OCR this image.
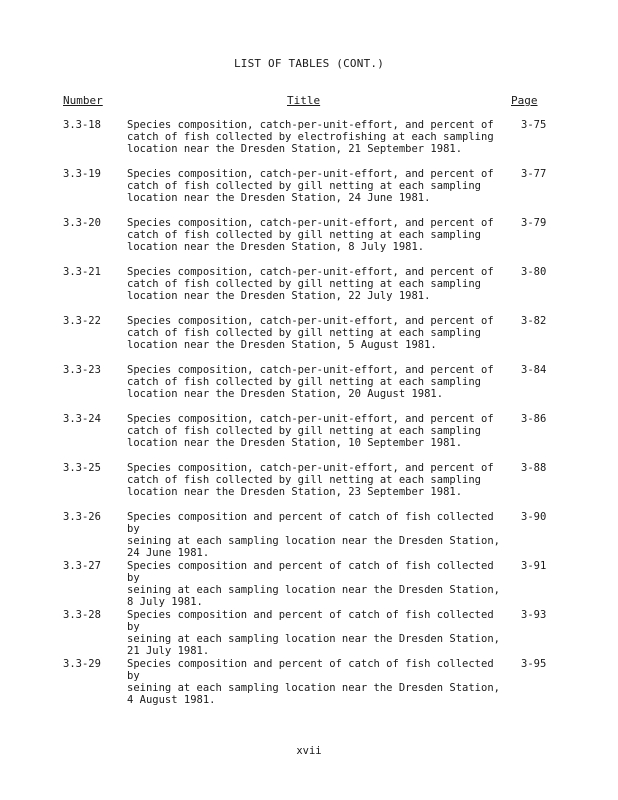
LIST OF TABLES (CONT.)
Number	Title	Page
3.3-18 Species composition, catch-per-unit-effort, and percent of
catch of fish collected by electrofishing at each sampling
location near the Dresden Station, 21 September 1981.
3-75
3.3-19 Species composition, catch-per-unit-effort, and percent of
catch of fish collected by gill netting at each sampling
location near the Dresden Station, 24 June 1981.
3-77
3.3-20 Species composition, catch-per-unit-effort, and percent of
catch of fish collected by gill netting at each sampling
location near the Dresden Station, 8 July 1981.
3-79
3.3-21 Species composition, catch-per-unit-effort, and percent of
catch of fish collected by gill netting at each sampling
location near the Dresden Station, 22 July 1981.
3-80
3.3-22 Species composition, catch-per-unit-effort, and percent of
catch of fish collected by gill netting at each sampling
location near the Dresden Station, 5 August 1981.
3-82
3.3-23 Species composition, catch-per-unit-effort, and percent of
catch of fish collected by gill netting at each sampling
location near the Dresden Station, 20 August 1981.
3-84
3.3-24 Species composition, catch-per-unit-effort, and percent of
catch of fish collected by gill netting at each sampling
location near the Dresden Station, 10 September 1981.
3-86
3.3-25 Species composition, catch-per-unit-effort, and percent of
catch of fish collected by gill netting at each sampling
location near the Dresden Station, 23 September 1981.
3-88
3.3-26 Species composition and percent of catch of fish collected by
seining at each sampling location near the Dresden Station,
24 June 1981.
3-90
3.3-27 Species composition and percent of catch of fish collected by
seining at each sampling location near the Dresden Station,
8 July 1981.
3-91
3.3-28 Species composition and percent of catch of fish collected by
seining at each sampling location near the Dresden Station,
21 July 1981.
3-93
3.3-29 Species composition and percent of catch of fish collected by
seining at each sampling location near the Dresden Station,
4 August 1981.
3-95
xvii
